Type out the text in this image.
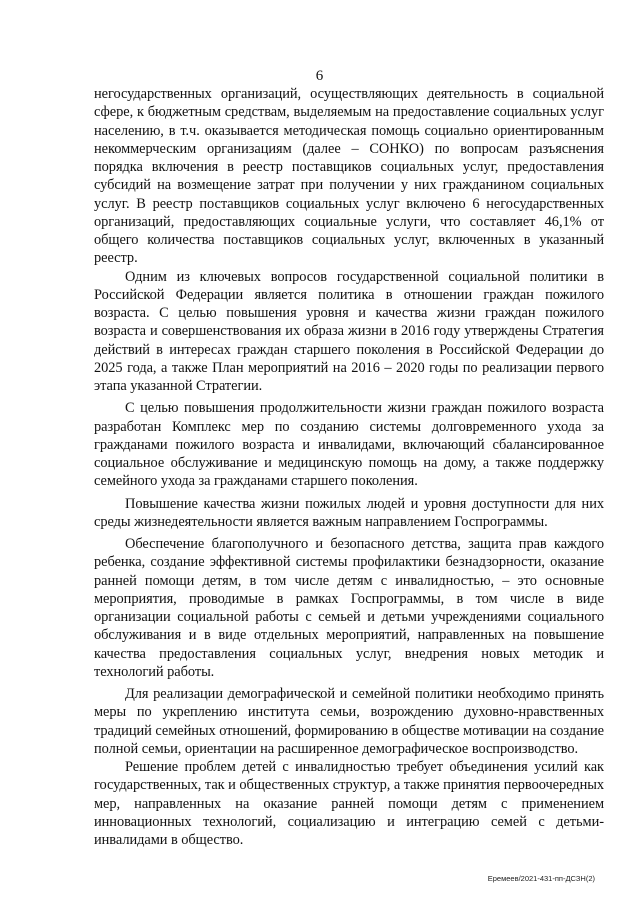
6

негосударственных организаций, осуществляющих деятельность в социальной сфере, к бюджетным средствам, выделяемым на предоставление социальных услуг населению, в т.ч. оказывается методическая помощь социально ориентированным некоммерческим организациям (далее – СОНКО) по вопросам разъяснения порядка включения в реестр поставщиков социальных услуг, предоставления субсидий на возмещение затрат при получении у них гражданином социальных услуг. В реестр поставщиков социальных услуг включено 6 негосударственных организаций, предоставляющих социальные услуги, что составляет 46,1% от общего количества поставщиков социальных услуг, включенных в указанный реестр.

Одним из ключевых вопросов государственной социальной политики в Российской Федерации является политика в отношении граждан пожилого возраста. С целью повышения уровня и качества жизни граждан пожилого возраста и совершенствования их образа жизни в 2016 году утверждены Стратегия действий в интересах граждан старшего поколения в Российской Федерации до 2025 года, а также План мероприятий на 2016 – 2020 годы по реализации первого этапа указанной Стратегии.

С целью повышения продолжительности жизни граждан пожилого возраста разработан Комплекс мер по созданию системы долговременного ухода за гражданами пожилого возраста и инвалидами, включающий сбалансированное социальное обслуживание и медицинскую помощь на дому, а также поддержку семейного ухода за гражданами старшего поколения.

Повышение качества жизни пожилых людей и уровня доступности для них среды жизнедеятельности является важным направлением Госпрограммы.

Обеспечение благополучного и безопасного детства, защита прав каждого ребенка, создание эффективной системы профилактики безнадзорности, оказание ранней помощи детям, в том числе детям с инвалидностью, – это основные мероприятия, проводимые в рамках Госпрограммы, в том числе в виде организации социальной работы с семьей и детьми учреждениями социального обслуживания и в виде отдельных мероприятий, направленных на повышение качества предоставления социальных услуг, внедрения новых методик и технологий работы.

Для реализации демографической и семейной политики необходимо принять меры по укреплению института семьи, возрождению духовно-нравственных традиций семейных отношений, формированию в обществе мотивации на создание полной семьи, ориентации на расширенное демографическое воспроизводство.

Решение проблем детей с инвалидностью требует объединения усилий как государственных, так и общественных структур, а также принятия первоочередных мер, направленных на оказание ранней помощи детям с применением инновационных технологий, социализацию и интеграцию семей с детьми-инвалидами в общество.

Еремеев/2021-431-пп-ДСЗН(2)
